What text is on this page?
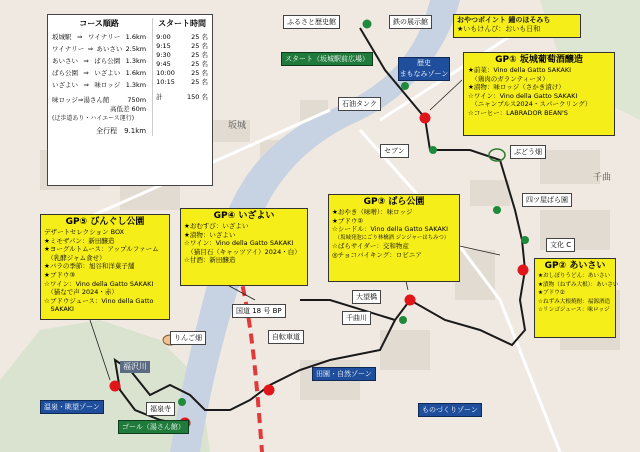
千曲
坂城
コース順路
坂城駅 ⇒ ワイナリー 1.6km
ワイナリー ⇒ あいさい 2.5km
あいさい ⇒ ばら公園 1.3km
ばら公園 ⇒ いざよい 1.6km
いざよい ⇒ 味ロッジ 1.3km
味ロッジ⇒湯さん館	750m
高低差 60m
(迂歩道あり・ハイエース運行)
全行程　9.1km
スタート時間
9:00	25 名
9:15	25 名
9:30	25 名
9:45	25 名
10:00	25 名
10:15	25 名
計	150 名
ふるさと歴史館	鉄の展示館	おやつポイント 鐘のほそみち
★いもけんぴ：おいも日和
スタート（坂城駅前広場）	歴史
まもなみゾーン
石油タンク
セブン	ぶどう畑
四ツ屋ばら園
文化 C
GP① 坂城葡萄酒醸造
★前菜：Vino della Gatto SAKAKI
　（鶏肉のガランティーヌ）
★漬物：味ロッジ（さかき漬け）
☆ワイン：Vino della Gatto SAKAKI
　（ニャンブルス2024・スパークリング）
☆コーヒー：LABRADOR BEAN'S
GP② あいさい
★おしぼりうどん：あいさい
★漬物（ねずみ大根）：あいさい
★ブドウ②
☆ねずみ大根焼酎：福源酒造
☆リンゴジュース：味ロッジ
GP③ ばら公園
★おやき（味噌）：味ロッジ
★ブドウ②
☆シードル：Vino della Gatto SAKAKI
　（坂城発泡にごり林檎酒 ジンジャーはちみつ）
☆ばらサイダー：交和物産
◎チョコバイキング：ロビニア
GP④ いざよい
★おむすび：いざよい
★漬物：いざよい
☆ワイン：Vino della Gatto SAKAKI
　（猫目石（キャッツアイ）2024・白）
☆甘酒：新田醸造
GP⑤ びんぐし公園
デザートセレクション BOX
★ミモザパン：新田醸造
★ヨーグルトムース：アップルファーム
　（乳酵ジャム食せ）
★バラの季節：旭谷和洋菓子舗
★ブドウ③
☆ワイン：Vino della Gatto SAKAKI
　（猫なで声 2024・赤）
☆ブドウジュース：Vino della Gatto
　SAKAKI	国道 18 号 BP
大望橋
千曲川
自転車道
田園・自然ゾーン
ものづくりゾーン
りんご畑
福沢川
温泉・眺望ゾーン	福泉寺
ゴール（湯さん館）
